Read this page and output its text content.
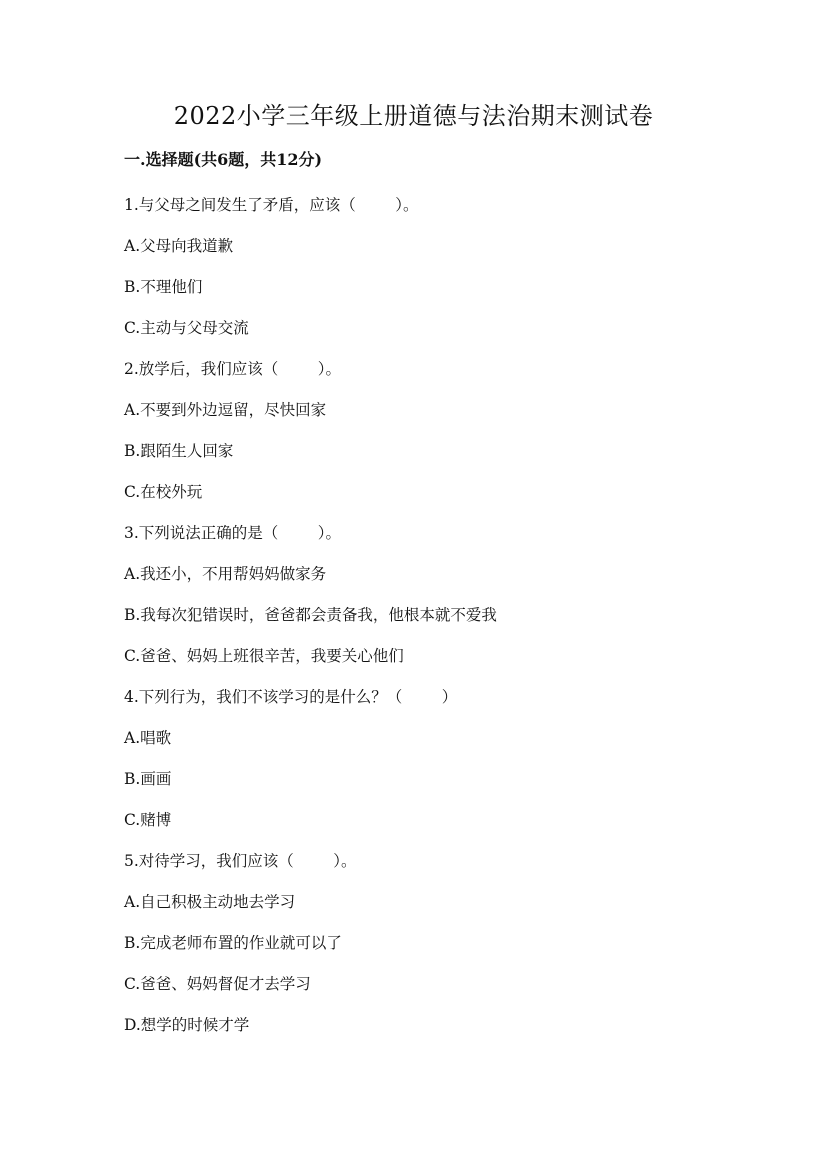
2022小学三年级上册道德与法治期末测试卷
一.选择题(共6题，共12分)
1.与父母之间发生了矛盾，应该（        ）。
A.父母向我道歉
B.不理他们
C.主动与父母交流
2.放学后，我们应该（        ）。
A.不要到外边逗留，尽快回家
B.跟陌生人回家
C.在校外玩
3.下列说法正确的是（        ）。
A.我还小，不用帮妈妈做家务
B.我每次犯错误时，爸爸都会责备我，他根本就不爱我
C.爸爸、妈妈上班很辛苦，我要关心他们
4.下列行为，我们不该学习的是什么？（        ）
A.唱歌
B.画画
C.赌博
5.对待学习，我们应该（        ）。
A.自己积极主动地去学习
B.完成老师布置的作业就可以了
C.爸爸、妈妈督促才去学习
D.想学的时候才学
